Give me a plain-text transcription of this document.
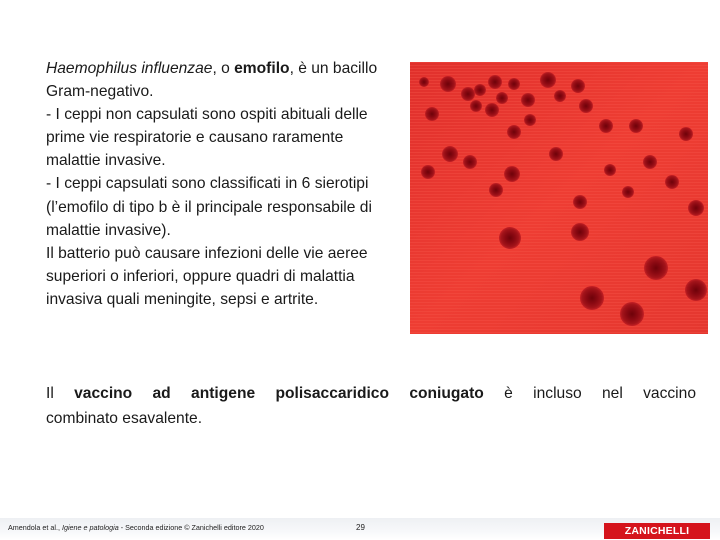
Haemophilus influenzae, o emofilo, è un bacillo Gram-negativo.

- I ceppi non capsulati sono ospiti abituali delle prime vie respiratorie e causano raramente malattie invasive.

- I ceppi capsulati sono classificati in 6 sierotipi (l’emofilo di tipo b è il principale responsabile di malattie invasive).

Il batterio può causare infezioni delle vie aeree superiori o inferiori, oppure quadri di malattia invasiva quali meningite, sepsi e artrite.

Il vaccino ad antigene polisaccaridico coniugato è incluso nel vaccino
combinato esavalente.
Amendola et al., Igiene e patologia - Seconda edizione © Zanichelli editore 2020	29	ZANICHELLI
